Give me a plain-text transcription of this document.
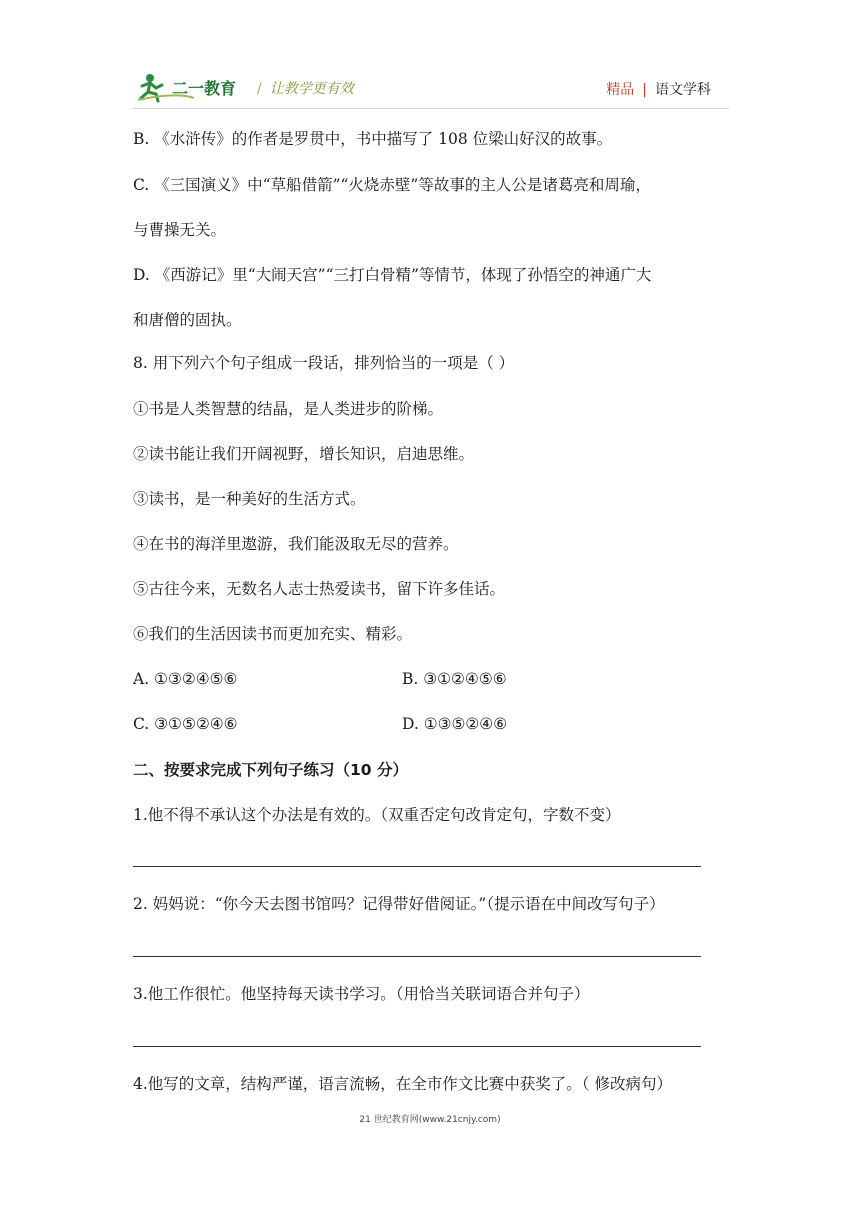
二一教育 / 让教学更有效	精品 | 语文学科
B. 《水浒传》的作者是罗贯中，书中描写了 108 位梁山好汉的故事。
C. 《三国演义》中“草船借箭”“火烧赤壁”等故事的主人公是诸葛亮和周瑜，
与曹操无关。
D. 《西游记》里“大闹天宫”“三打白骨精”等情节，体现了孙悟空的神通广大
和唐僧的固执。
8. 用下列六个句子组成一段话，排列恰当的一项是（ ）
①书是人类智慧的结晶，是人类进步的阶梯。
②读书能让我们开阔视野，增长知识，启迪思维。
③读书，是一种美好的生活方式。
④在书的海洋里遨游，我们能汲取无尽的营养。
⑤古往今来，无数名人志士热爱读书，留下许多佳话。
⑥我们的生活因读书而更加充实、精彩。
A. ①③②④⑤⑥	B. ③①②④⑤⑥
C. ③①⑤②④⑥	D. ①③⑤②④⑥
二、按要求完成下列句子练习（10 分）
1.他不得不承认这个办法是有效的。（双重否定句改肯定句，字数不变）
2. 妈妈说：“你今天去图书馆吗？记得带好借阅证。”（提示语在中间改写句子）
3.他工作很忙。他坚持每天读书学习。（用恰当关联词语合并句子）
4.他写的文章，结构严谨，语言流畅，在全市作文比赛中获奖了。（ 修改病句）
21 世纪教育网(www.21cnjy.com)
